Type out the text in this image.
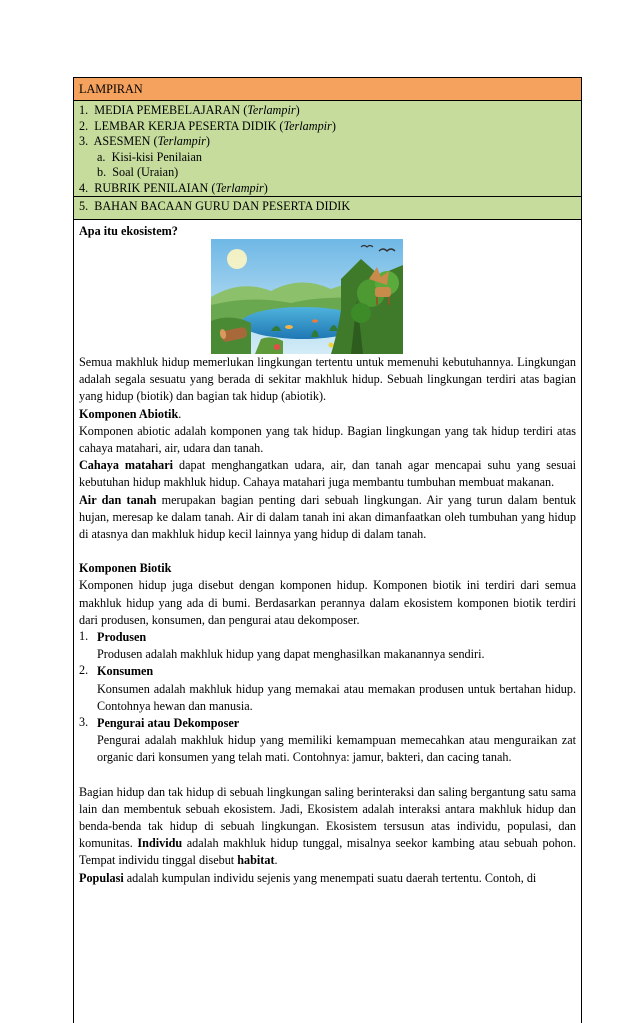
LAMPIRAN
1. MEDIA PEMEBELAJARAN (Terlampir)
2. LEMBAR KERJA PESERTA DIDIK (Terlampir)
3. ASESMEN (Terlampir)
a. Kisi-kisi Penilaian
b. Soal (Uraian)
4. RUBRIK PENILAIAN (Terlampir)
5. BAHAN BACAAN GURU DAN PESERTA DIDIK
Apa itu ekosistem?

Semua makhluk hidup memerlukan lingkungan tertentu untuk memenuhi kebutuhannya. Lingkungan adalah segala sesuatu yang berada di sekitar makhluk hidup. Sebuah lingkungan terdiri atas bagian yang hidup (biotik) dan bagian tak hidup (abiotik).

Komponen Abiotik.

Komponen abiotic adalah komponen yang tak hidup. Bagian lingkungan yang tak hidup terdiri atas cahaya matahari, air, udara dan tanah.

Cahaya matahari dapat menghangatkan udara, air, dan tanah agar mencapai suhu yang sesuai kebutuhan hidup makhluk hidup. Cahaya matahari juga membantu tumbuhan membuat makanan.

Air dan tanah merupakan bagian penting dari sebuah lingkungan. Air yang turun dalam bentuk hujan, meresap ke dalam tanah. Air di dalam tanah ini akan dimanfaatkan oleh tumbuhan yang hidup di atasnya dan makhluk hidup kecil lainnya yang hidup di dalam tanah.

Komponen Biotik

Komponen hidup juga disebut dengan komponen hidup. Komponen biotik ini terdiri dari semua makhluk hidup yang ada di bumi. Berdasarkan perannya dalam ekosistem komponen biotik terdiri dari produsen, konsumen, dan pengurai atau dekomposer.

1. Produsen

Produsen adalah makhluk hidup yang dapat menghasilkan makanannya sendiri.

2. Konsumen

Konsumen adalah makhluk hidup yang memakai atau memakan produsen untuk bertahan hidup. Contohnya hewan dan manusia.

3. Pengurai atau Dekomposer

Pengurai adalah makhluk hidup yang memiliki kemampuan memecahkan atau menguraikan zat organic dari konsumen yang telah mati. Contohnya: jamur, bakteri, dan cacing tanah.

Bagian hidup dan tak hidup di sebuah lingkungan saling berinteraksi dan saling bergantung satu sama lain dan membentuk sebuah ekosistem. Jadi, Ekosistem adalah interaksi antara makhluk hidup dan benda-benda tak hidup di sebuah lingkungan. Ekosistem tersusun atas individu, populasi, dan komunitas. Individu adalah makhluk hidup tunggal, misalnya seekor kambing atau sebuah pohon. Tempat individu tinggal disebut habitat.

Populasi adalah kumpulan individu sejenis yang menempati suatu daerah tertentu. Contoh, di
